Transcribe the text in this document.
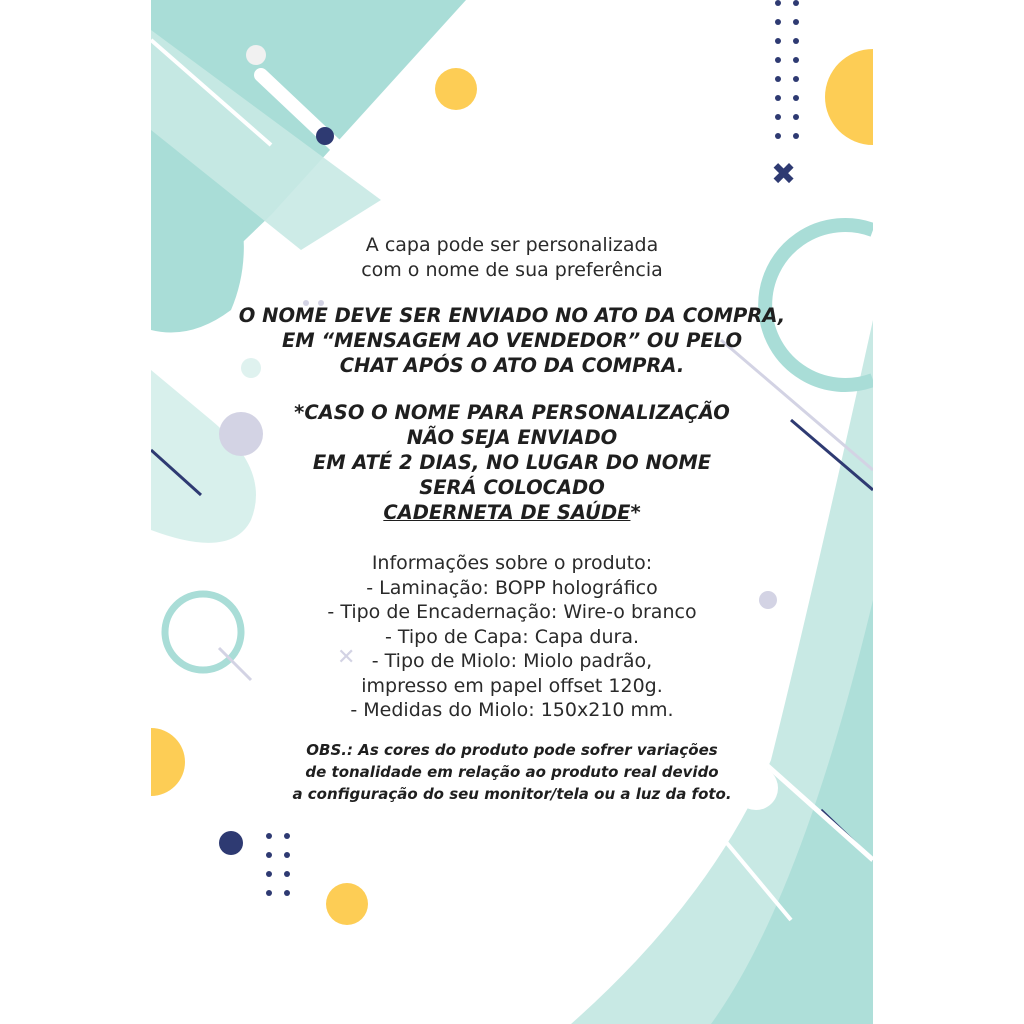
✕
✖
A capa pode ser personalizada
com o nome de sua preferência
O NOME DEVE SER ENVIADO NO ATO DA COMPRA,
EM “MENSAGEM AO VENDEDOR” OU PELO
CHAT APÓS O ATO DA COMPRA.
*CASO O NOME PARA PERSONALIZAÇÃO
NÃO SEJA ENVIADO
EM ATÉ 2 DIAS, NO LUGAR DO NOME
SERÁ COLOCADO
CADERNETA DE SAÚDE*
Informações sobre o produto:
- Laminação: BOPP holográfico
- Tipo de Encadernação: Wire-o branco
- Tipo de Capa: Capa dura.
- Tipo de Miolo: Miolo padrão,
impresso em papel offset 120g.
- Medidas do Miolo: 150x210 mm.
OBS.: As cores do produto pode sofrer variações
de tonalidade em relação ao produto real devido
a configuração do seu monitor/tela ou a luz da foto.
